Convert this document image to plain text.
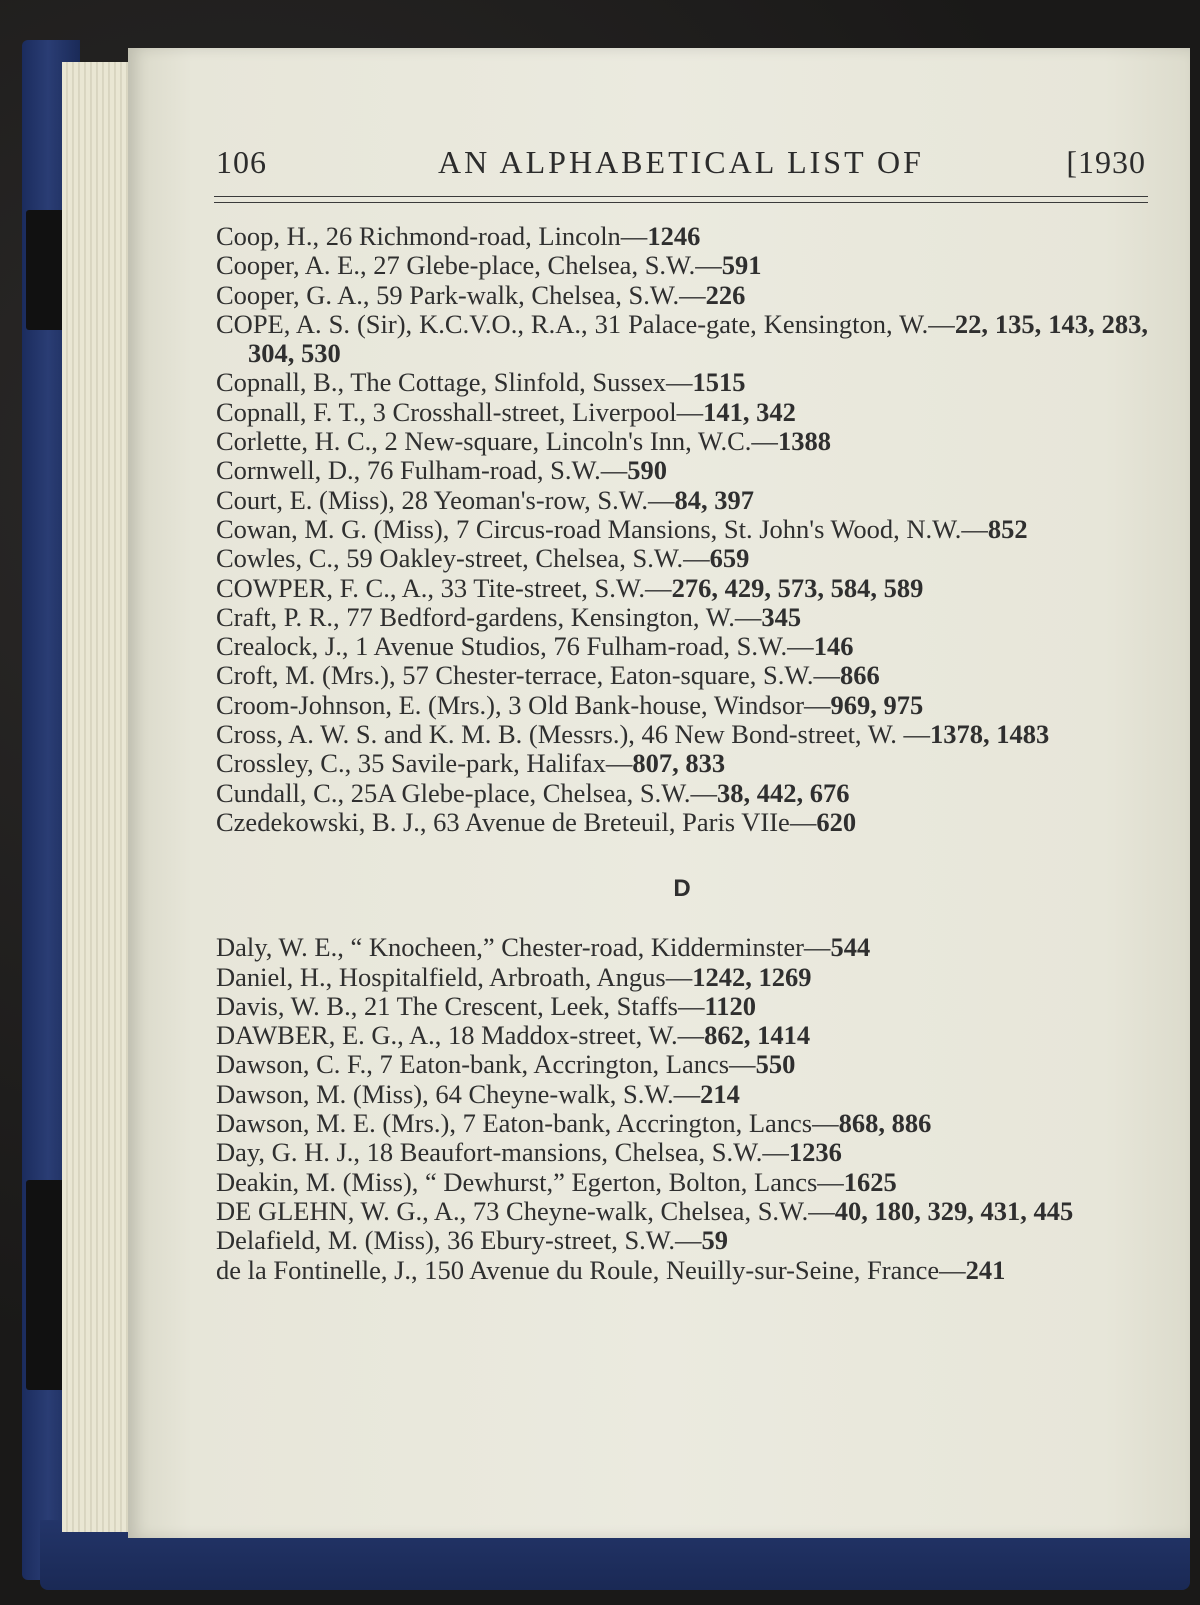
106	AN ALPHABETICAL LIST OF	[1930
Coop, H., 26 Richmond-road, Lincoln—1246
Cooper, A. E., 27 Glebe-place, Chelsea, S.W.—591
Cooper, G. A., 59 Park-walk, Chelsea, S.W.—226
COPE, A. S. (Sir), K.C.V.O., R.A., 31 Palace-gate, Kensington, W.—22, 135, 143, 283, 304, 530
Copnall, B., The Cottage, Slinfold, Sussex—1515
Copnall, F. T., 3 Crosshall-street, Liverpool—141, 342
Corlette, H. C., 2 New-square, Lincoln's Inn, W.C.—1388
Cornwell, D., 76 Fulham-road, S.W.—590
Court, E. (Miss), 28 Yeoman's-row, S.W.—84, 397
Cowan, M. G. (Miss), 7 Circus-road Mansions, St. John's Wood, N.W.—852
Cowles, C., 59 Oakley-street, Chelsea, S.W.—659
COWPER, F. C., A., 33 Tite-street, S.W.—276, 429, 573, 584, 589
Craft, P. R., 77 Bedford-gardens, Kensington, W.—345
Crealock, J., 1 Avenue Studios, 76 Fulham-road, S.W.—146
Croft, M. (Mrs.), 57 Chester-terrace, Eaton-square, S.W.—866
Croom-Johnson, E. (Mrs.), 3 Old Bank-house, Windsor—969, 975
Cross, A. W. S. and K. M. B. (Messrs.), 46 New Bond-street, W. —1378, 1483
Crossley, C., 35 Savile-park, Halifax—807, 833
Cundall, C., 25A Glebe-place, Chelsea, S.W.—38, 442, 676
Czedekowski, B. J., 63 Avenue de Breteuil, Paris VIIe—620
D
Daly, W. E., “ Knocheen,” Chester-road, Kidderminster—544
Daniel, H., Hospitalfield, Arbroath, Angus—1242, 1269
Davis, W. B., 21 The Crescent, Leek, Staffs—1120
DAWBER, E. G., A., 18 Maddox-street, W.—862, 1414
Dawson, C. F., 7 Eaton-bank, Accrington, Lancs—550
Dawson, M. (Miss), 64 Cheyne-walk, S.W.—214
Dawson, M. E. (Mrs.), 7 Eaton-bank, Accrington, Lancs—868, 886
Day, G. H. J., 18 Beaufort-mansions, Chelsea, S.W.—1236
Deakin, M. (Miss), “ Dewhurst,” Egerton, Bolton, Lancs—1625
DE GLEHN, W. G., A., 73 Cheyne-walk, Chelsea, S.W.—40, 180, 329, 431, 445
Delafield, M. (Miss), 36 Ebury-street, S.W.—59
de la Fontinelle, J., 150 Avenue du Roule, Neuilly-sur-Seine, France—241
